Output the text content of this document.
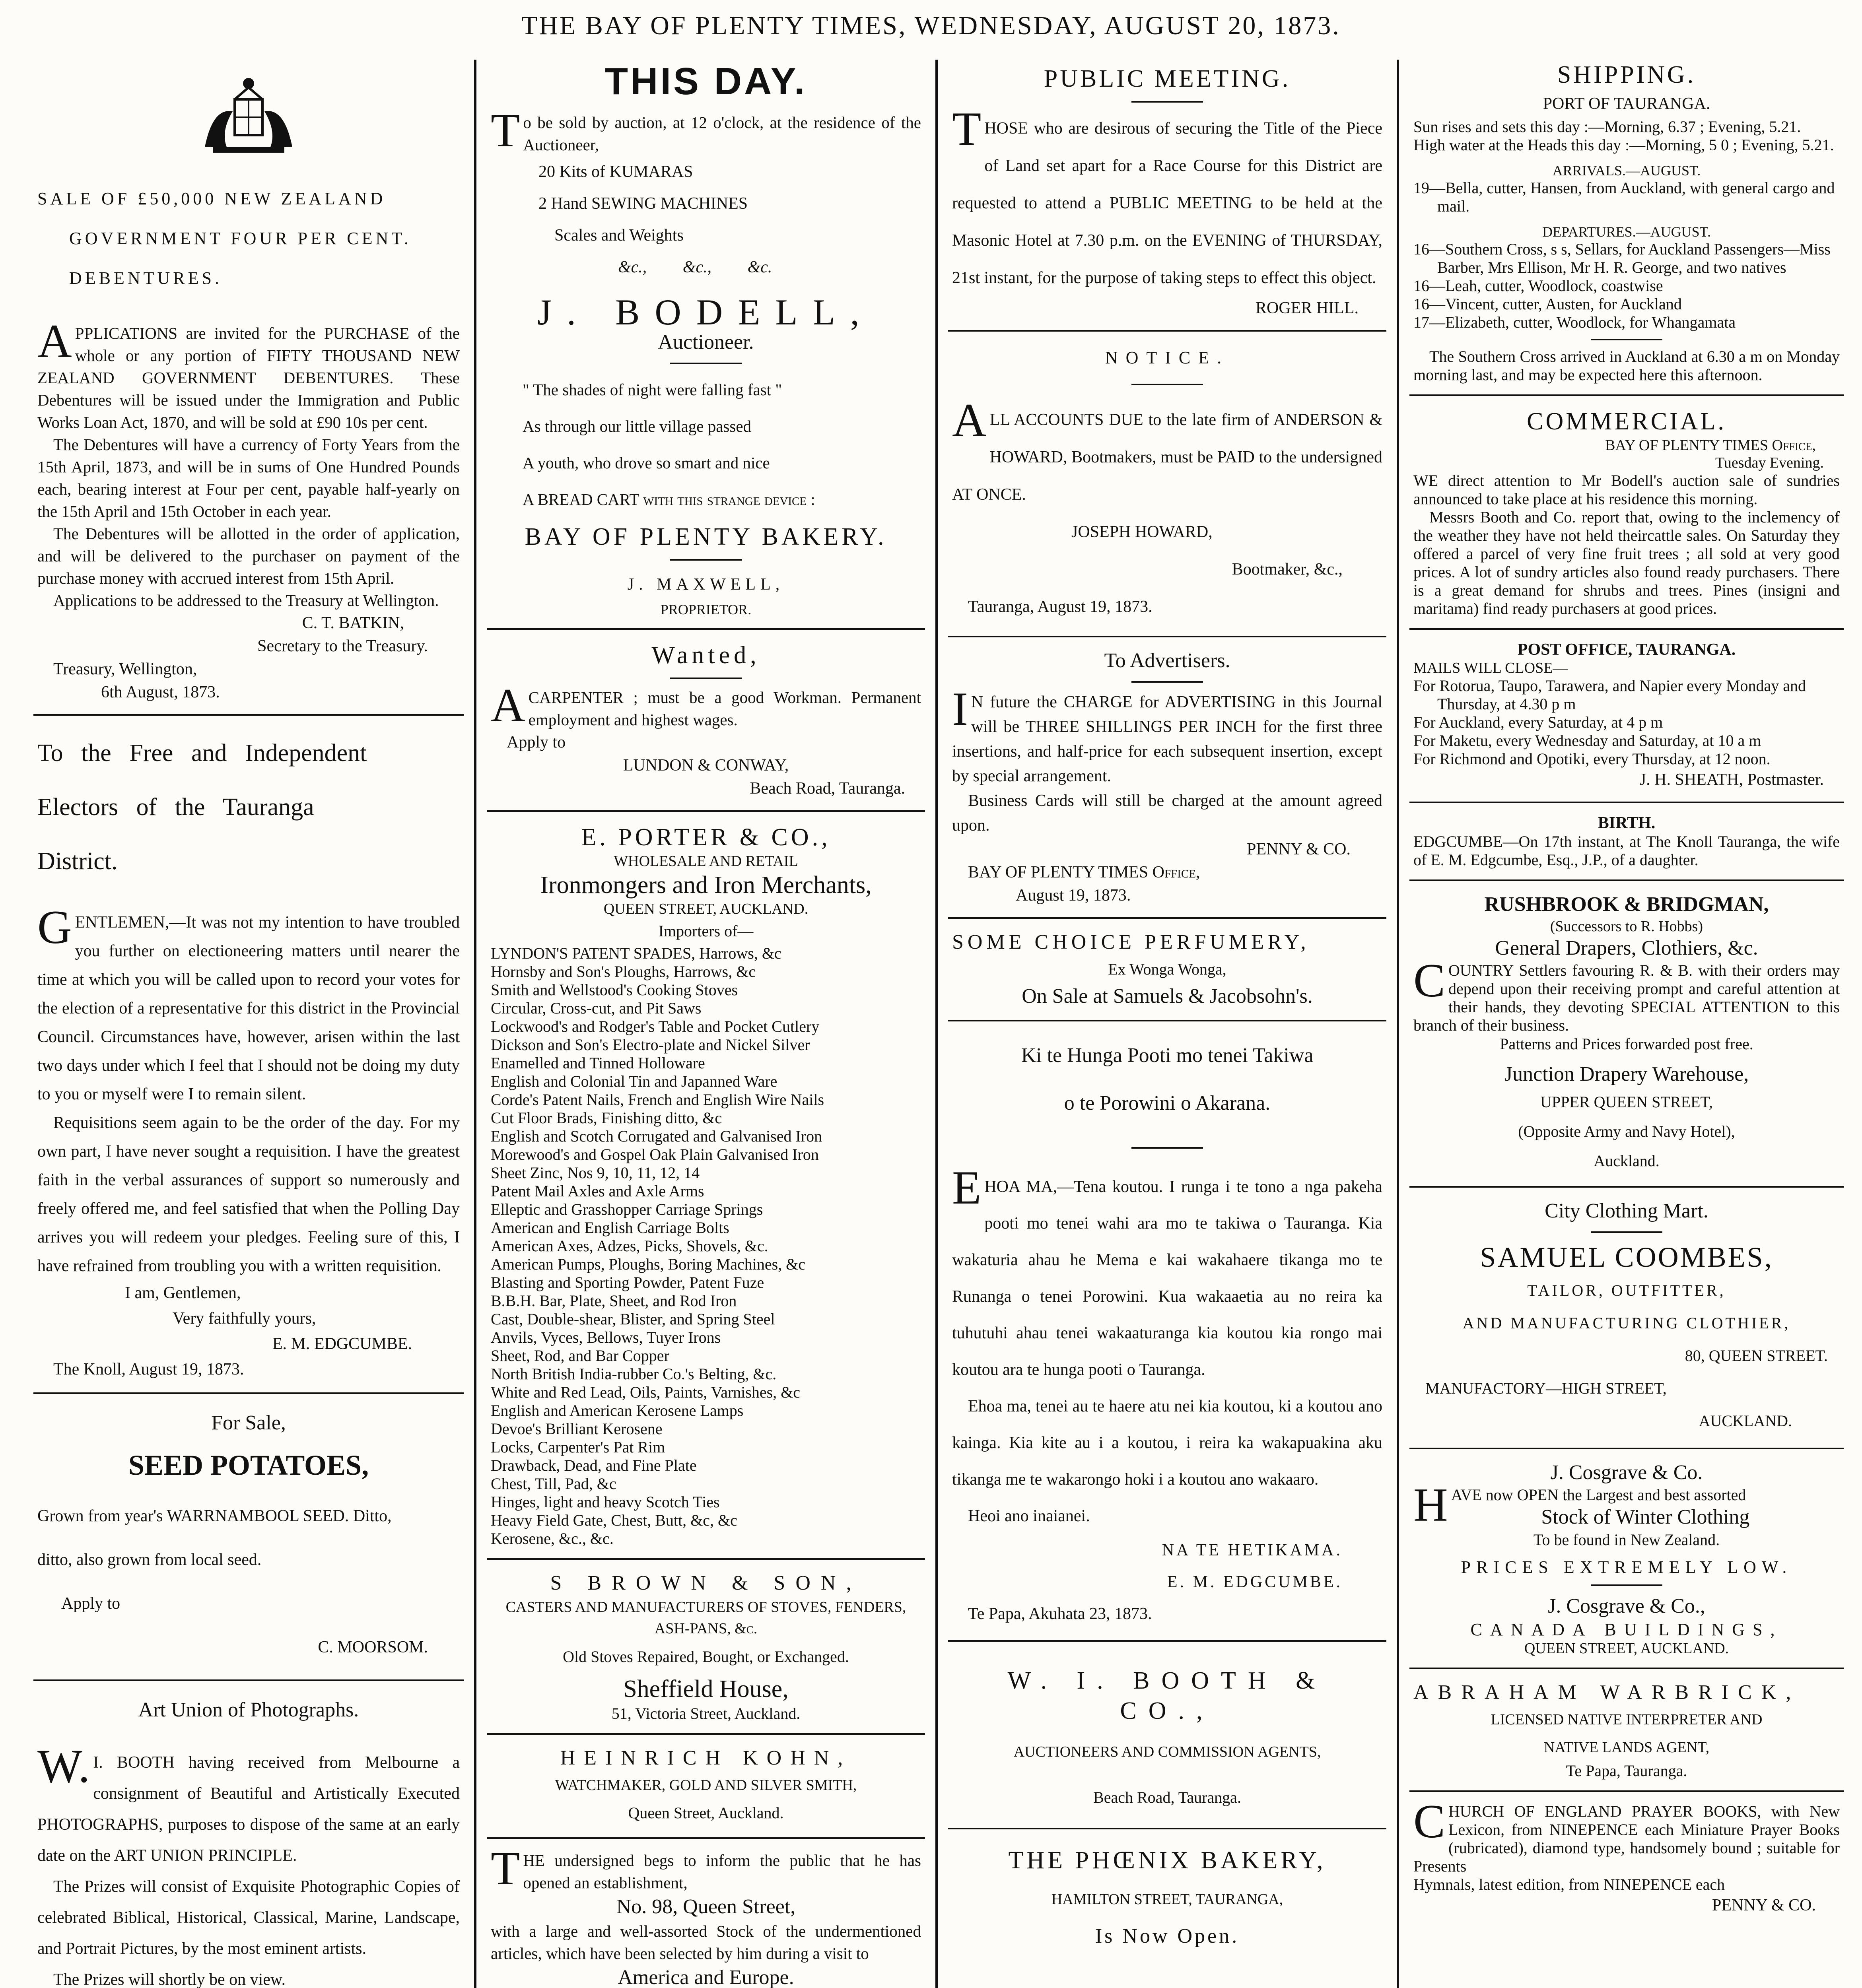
THE BAY OF PLENTY TIMES, WEDNESDAY, AUGUST 20, 1873.

SALE OF £50,000 NEW ZEALAND

GOVERNMENT FOUR PER CENT.

DEBENTURES.

APPLICATIONS are invited for the PURCHASE of the whole or any portion of FIFTY THOUSAND NEW ZEALAND GOVERNMENT DEBENTURES. These Debentures will be issued under the Immigration and Public Works Loan Act, 1870, and will be sold at £90 10s per cent.

The Debentures will have a currency of Forty Years from the 15th April, 1873, and will be in sums of One Hundred Pounds each, bearing interest at Four per cent, payable half-yearly on the 15th April and 15th October in each year.

The Debentures will be allotted in the order of application, and will be delivered to the purchaser on payment of the purchase money with accrued interest from 15th April.

Applications to be addressed to the Treasury at Wellington.

C. T. BATKIN,

Secretary to the Treasury.

Treasury, Wellington,

6th August, 1873.

To the Free and Independent

Electors of the Tauranga

District.

GENTLEMEN,—It was not my intention to have troubled you further on electioneering matters until nearer the time at which you will be called upon to record your votes for the election of a representative for this district in the Provincial Council. Circumstances have, however, arisen within the last two days under which I feel that I should not be doing my duty to you or myself were I to remain silent.

Requisitions seem again to be the order of the day. For my own part, I have never sought a requisition. I have the greatest faith in the verbal assurances of support so numerously and freely offered me, and feel satisfied that when the Polling Day arrives you will redeem your pledges. Feeling sure of this, I have refrained from troubling you with a written requisition.

I am, Gentlemen,

Very faithfully yours,

E. M. EDGCUMBE.

The Knoll, August 19, 1873.

For Sale,

SEED POTATOES,

Grown from year's WARRNAMBOOL SEED. Ditto,

ditto, also grown from local seed.

Apply to

C. MOORSOM.

Art Union of Photographs.

W.I. BOOTH having received from Melbourne a consignment of Beautiful and Artistically Executed PHOTOGRAPHS, purposes to dispose of the same at an early date on the ART UNION PRINCIPLE.

The Prizes will consist of Exquisite Photographic Copies of celebrated Biblical, Historical, Classical, Marine, Landscape, and Portrait Pictures, by the most eminent artists.

The Prizes will shortly be on view.

THIS DAY.

To be sold by auction, at 12 o'clock, at the residence of the Auctioneer,

20 Kits of KUMARAS

2 Hand SEWING MACHINES

Scales and Weights

&c., &c., &c.

J. BODELL,

Auctioneer.

" The shades of night were falling fast "

As through our little village passed

A youth, who drove so smart and nice

A BREAD CART with this strange device :

BAY OF PLENTY BAKERY.

J. MAXWELL,

PROPRIETOR.

Wanted,

ACARPENTER ; must be a good Workman. Permanent employment and highest wages.

Apply to

LUNDON & CONWAY,

Beach Road, Tauranga.

E. PORTER & CO.,

WHOLESALE AND RETAIL

Ironmongers and Iron Merchants,

QUEEN STREET, AUCKLAND.

Importers of—

LYNDON'S PATENT SPADES, Harrows, &c

Hornsby and Son's Ploughs, Harrows, &c

Smith and Wellstood's Cooking Stoves

Circular, Cross-cut, and Pit Saws

Lockwood's and Rodger's Table and Pocket Cutlery

Dickson and Son's Electro-plate and Nickel Silver

Enamelled and Tinned Holloware

English and Colonial Tin and Japanned Ware

Corde's Patent Nails, French and English Wire Nails

Cut Floor Brads, Finishing ditto, &c

English and Scotch Corrugated and Galvanised Iron

Morewood's and Gospel Oak Plain Galvanised Iron

Sheet Zinc, Nos 9, 10, 11, 12, 14

Patent Mail Axles and Axle Arms

Elleptic and Grasshopper Carriage Springs

American and English Carriage Bolts

American Axes, Adzes, Picks, Shovels, &c.

American Pumps, Ploughs, Boring Machines, &c

Blasting and Sporting Powder, Patent Fuze

B.B.H. Bar, Plate, Sheet, and Rod Iron

Cast, Double-shear, Blister, and Spring Steel

Anvils, Vyces, Bellows, Tuyer Irons

Sheet, Rod, and Bar Copper

North British India-rubber Co.'s Belting, &c.

White and Red Lead, Oils, Paints, Varnishes, &c

English and American Kerosene Lamps

Devoe's Brilliant Kerosene

Locks, Carpenter's Pat Rim

Drawback, Dead, and Fine Plate

Chest, Till, Pad, &c

Hinges, light and heavy Scotch Ties

Heavy Field Gate, Chest, Butt, &c, &c

Kerosene, &c., &c.

S BROWN & SON,

CASTERS AND MANUFACTURERS OF STOVES, FENDERS, ASH-PANS, &c.

Old Stoves Repaired, Bought, or Exchanged.

Sheffield House,

51, Victoria Street, Auckland.

HEINRICH KOHN,

WATCHMAKER, GOLD AND SILVER SMITH,

Queen Street, Auckland.

THE undersigned begs to inform the public that he has opened an establishment,

No. 98, Queen Street,

with a large and well-assorted Stock of the undermentioned articles, which have been selected by him during a visit to

America and Europe.

PUBLIC MEETING.

THOSE who are desirous of securing the Title of the Piece of Land set apart for a Race Course for this District are requested to attend a PUBLIC MEETING to be held at the Masonic Hotel at 7.30 p.m. on the EVENING of THURSDAY, 21st instant, for the purpose of taking steps to effect this object.

ROGER HILL.

NOTICE.

ALL ACCOUNTS DUE to the late firm of ANDERSON & HOWARD, Bootmakers, must be PAID to the undersigned AT ONCE.

JOSEPH HOWARD,

Bootmaker, &c.,

Tauranga, August 19, 1873.

To Advertisers.

IN future the CHARGE for ADVERTISING in this Journal will be THREE SHILLINGS PER INCH for the first three insertions, and half-price for each subsequent insertion, except by special arrangement.

Business Cards will still be charged at the amount agreed upon.

PENNY & CO.

BAY OF PLENTY TIMES Office,

August 19, 1873.

SOME CHOICE PERFUMERY,

Ex Wonga Wonga,

On Sale at Samuels & Jacobsohn's.

Ki te Hunga Pooti mo tenei Takiwa

o te Porowini o Akarana.

EHOA MA,—Tena koutou. I runga i te tono a nga pakeha pooti mo tenei wahi ara mo te takiwa o Tauranga. Kia wakaturia ahau he Mema e kai wakahaere tikanga mo te Runanga o tenei Porowini. Kua wakaaetia au no reira ka tuhutuhi ahau tenei wakaaturanga kia koutou kia rongo mai koutou ara te hunga pooti o Tauranga.

Ehoa ma, tenei au te haere atu nei kia koutou, ki a koutou ano kainga. Kia kite au i a koutou, i reira ka wakapuakina aku tikanga me te wakarongo hoki i a koutou ano wakaaro.

Heoi ano inaianei.

NA TE HETIKAMA.

E. M. EDGCUMBE.

Te Papa, Akuhata 23, 1873.

W. I. BOOTH & CO.,

AUCTIONEERS AND COMMISSION AGENTS,

Beach Road, Tauranga.

THE PHŒNIX BAKERY,

HAMILTON STREET, TAURANGA,

Is Now Open.

SHIPPING.

PORT OF TAURANGA.

Sun rises and sets this day :—Morning, 6.37 ; Evening, 5.21.

High water at the Heads this day :—Morning, 5 0 ; Evening, 5.21.

ARRIVALS.—AUGUST.

19—Bella, cutter, Hansen, from Auckland, with general cargo and mail.

DEPARTURES.—AUGUST.

16—Southern Cross, s s, Sellars, for Auckland Passengers—Miss Barber, Mrs Ellison, Mr H. R. George, and two natives

16—Leah, cutter, Woodlock, coastwise

16—Vincent, cutter, Austen, for Auckland

17—Elizabeth, cutter, Woodlock, for Whangamata

The Southern Cross arrived in Auckland at 6.30 a m on Monday morning last, and may be expected here this afternoon.

COMMERCIAL.

BAY OF PLENTY TIMES Office,

Tuesday Evening.

WE direct attention to Mr Bodell's auction sale of sundries announced to take place at his residence this morning.

Messrs Booth and Co. report that, owing to the inclemency of the weather they have not held theircattle sales. On Saturday they offered a parcel of very fine fruit trees ; all sold at very good prices. A lot of sundry articles also found ready purchasers. There is a great demand for shrubs and trees. Pines (insigni and maritama) find ready purchasers at good prices.

POST OFFICE, TAURANGA.

MAILS WILL CLOSE—

For Rotorua, Taupo, Tarawera, and Napier every Monday and Thursday, at 4.30 p m

For Auckland, every Saturday, at 4 p m

For Maketu, every Wednesday and Saturday, at 10 a m

For Richmond and Opotiki, every Thursday, at 12 noon.

J. H. SHEATH, Postmaster.

BIRTH.

EDGCUMBE—On 17th instant, at The Knoll Tauranga, the wife of E. M. Edgcumbe, Esq., J.P., of a daughter.

RUSHBROOK & BRIDGMAN,

(Successors to R. Hobbs)

General Drapers, Clothiers, &c.

COUNTRY Settlers favouring R. & B. with their orders may depend upon their receiving prompt and careful attention at their hands, they devoting SPECIAL ATTENTION to this branch of their business.

Patterns and Prices forwarded post free.

Junction Drapery Warehouse,

UPPER QUEEN STREET,

(Opposite Army and Navy Hotel),

Auckland.

City Clothing Mart.

SAMUEL COOMBES,

TAILOR, OUTFITTER,

AND MANUFACTURING CLOTHIER,

80, QUEEN STREET.

MANUFACTORY—HIGH STREET,

AUCKLAND.

J. Cosgrave & Co.

HAVE now OPEN the Largest and best assorted

Stock of Winter Clothing

To be found in New Zealand.

PRICES EXTREMELY LOW.

J. Cosgrave & Co.,

CANADA BUILDINGS,

QUEEN STREET, AUCKLAND.

ABRAHAM WARBRICK,

LICENSED NATIVE INTERPRETER AND

NATIVE LANDS AGENT,

Te Papa, Tauranga.

CHURCH OF ENGLAND PRAYER BOOKS, with New Lexicon, from NINEPENCE each Miniature Prayer Books (rubricated), diamond type, handsomely bound ; suitable for Presents

Hymnals, latest edition, from NINEPENCE each

PENNY & CO.
